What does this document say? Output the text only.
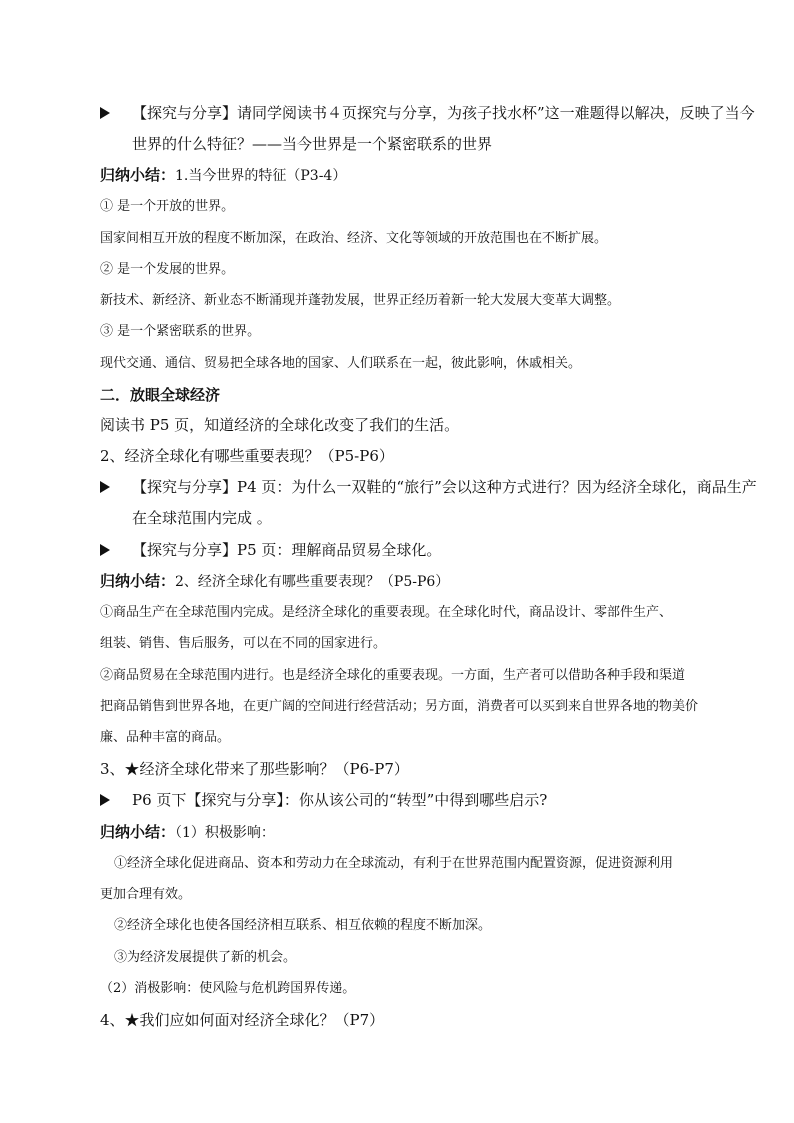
【探究与分享】请同学阅读书４页探究与分享，为孩子找水杯”这一难题得以解决，反映了当今
世界的什么特征？——当今世界是一个紧密联系的世界
归纳小结：1.当今世界的特征（P3-4）
① 是一个开放的世界。
国家间相互开放的程度不断加深，在政治、经济、文化等领域的开放范围也在不断扩展。
② 是一个发展的世界。
新技术、新经济、新业态不断涌现并蓬勃发展，世界正经历着新一轮大发展大变革大调整。
③ 是一个紧密联系的世界。
现代交通、通信、贸易把全球各地的国家、人们联系在一起，彼此影响，休戚相关。
二．放眼全球经济
阅读书 P5 页，知道经济的全球化改变了我们的生活。
2、经济全球化有哪些重要表现？（P5-P6）
【探究与分享】P4 页：为什么一双鞋的“旅行”会以这种方式进行？因为经济全球化，商品生产
在全球范围内完成 。
【探究与分享】P5 页：理解商品贸易全球化。
归纳小结：2、经济全球化有哪些重要表现？（P5-P6）
①商品生产在全球范围内完成。是经济全球化的重要表现。在全球化时代，商品设计、零部件生产、
组装、销售、售后服务，可以在不同的国家进行。
②商品贸易在全球范围内进行。也是经济全球化的重要表现。一方面，生产者可以借助各种手段和渠道
把商品销售到世界各地，在更广阔的空间进行经营活动；另方面，消费者可以买到来自世界各地的物美价
廉、品种丰富的商品。
3、★经济全球化带来了那些影响？（P6-P7）
P6 页下【探究与分享】：你从该公司的“转型”中得到哪些启示?
归纳小结：（1）积极影响：
①经济全球化促进商品、资本和劳动力在全球流动，有利于在世界范围内配置资源，促进资源利用
更加合理有效。
②经济全球化也使各国经济相互联系、相互依赖的程度不断加深。
③为经济发展提供了新的机会。
（2）消极影响：使风险与危机跨国界传递。
4、★我们应如何面对经济全球化？（P7）
